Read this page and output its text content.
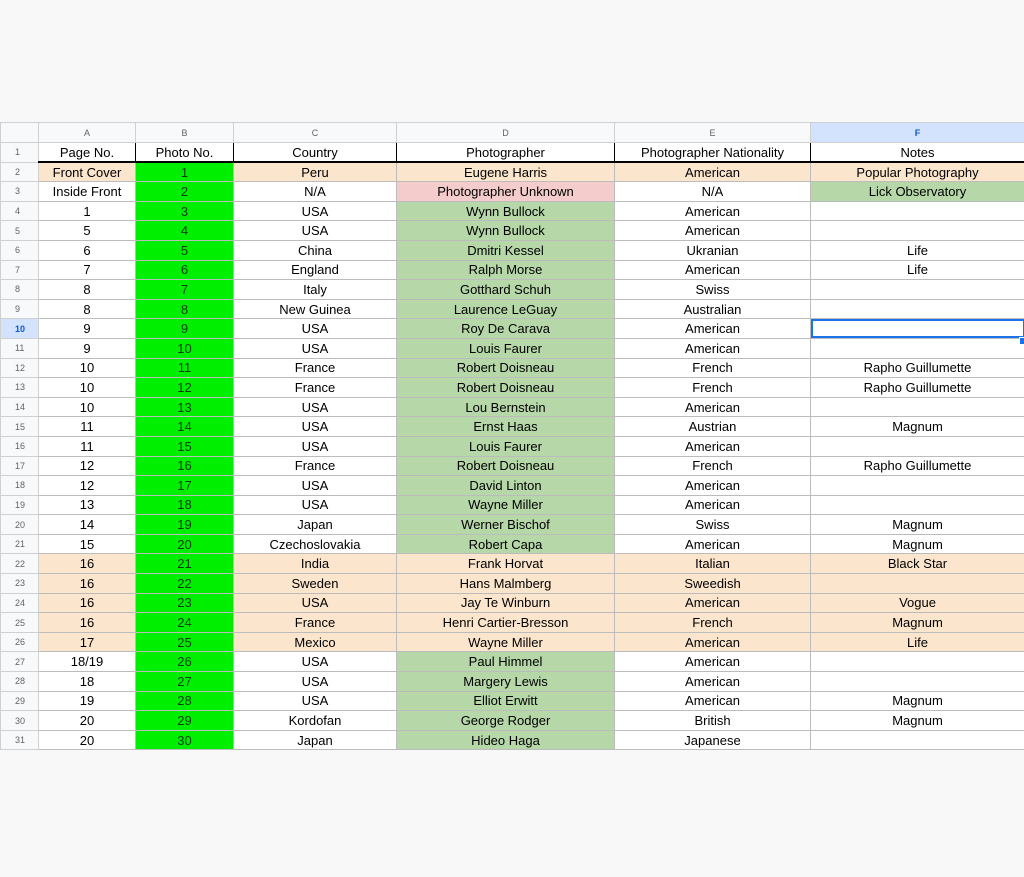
	A	B	C	D	E	F
1	Page No.	Photo No.	Country	Photographer	Photographer Nationality	Notes
2	Front Cover	1	Peru	Eugene Harris	American	Popular Photography
3	Inside Front	2	N/A	Photographer Unknown	N/A	Lick Observatory
4	1	3	USA	Wynn Bullock	American	
5	5	4	USA	Wynn Bullock	American	
6	6	5	China	Dmitri Kessel	Ukranian	Life
7	7	6	England	Ralph Morse	American	Life
8	8	7	Italy	Gotthard Schuh	Swiss	
9	8	8	New Guinea	Laurence LeGuay	Australian	
10	9	9	USA	Roy De Carava	American	
11	9	10	USA	Louis Faurer	American	
12	10	11	France	Robert Doisneau	French	Rapho Guillumette
13	10	12	France	Robert Doisneau	French	Rapho Guillumette
14	10	13	USA	Lou Bernstein	American	
15	11	14	USA	Ernst Haas	Austrian	Magnum
16	11	15	USA	Louis Faurer	American	
17	12	16	France	Robert Doisneau	French	Rapho Guillumette
18	12	17	USA	David Linton	American	
19	13	18	USA	Wayne Miller	American	
20	14	19	Japan	Werner Bischof	Swiss	Magnum
21	15	20	Czechoslovakia	Robert Capa	American	Magnum
22	16	21	India	Frank Horvat	Italian	Black Star
23	16	22	Sweden	Hans Malmberg	Sweedish	
24	16	23	USA	Jay Te Winburn	American	Vogue
25	16	24	France	Henri Cartier-Bresson	French	Magnum
26	17	25	Mexico	Wayne Miller	American	Life
27	18/19	26	USA	Paul Himmel	American	
28	18	27	USA	Margery Lewis	American	
29	19	28	USA	Elliot Erwitt	American	Magnum
30	20	29	Kordofan	George Rodger	British	Magnum
31	20	30	Japan	Hideo Haga	Japanese	
